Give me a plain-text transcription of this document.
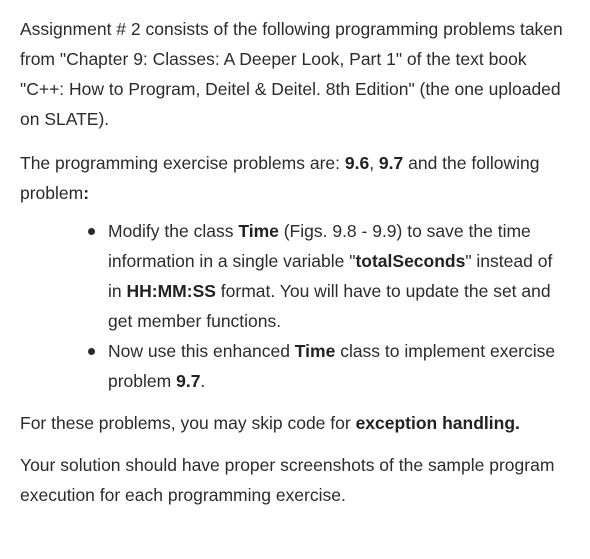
Assignment # 2 consists of the following programming problems taken from "Chapter 9: Classes: A Deeper Look, Part 1" of the text book "C++: How to Program, Deitel & Deitel. 8th Edition" (the one uploaded on SLATE).

The programming exercise problems are: 9.6, 9.7 and the following problem:

Modify the class Time (Figs. 9.8 - 9.9) to save the time information in a single variable "totalSeconds" instead of in HH:MM:SS format. You will have to update the set and get member functions.
Now use this enhanced Time class to implement exercise problem 9.7.

For these problems, you may skip code for exception handling.

Your solution should have proper screenshots of the sample program execution for each programming exercise.
